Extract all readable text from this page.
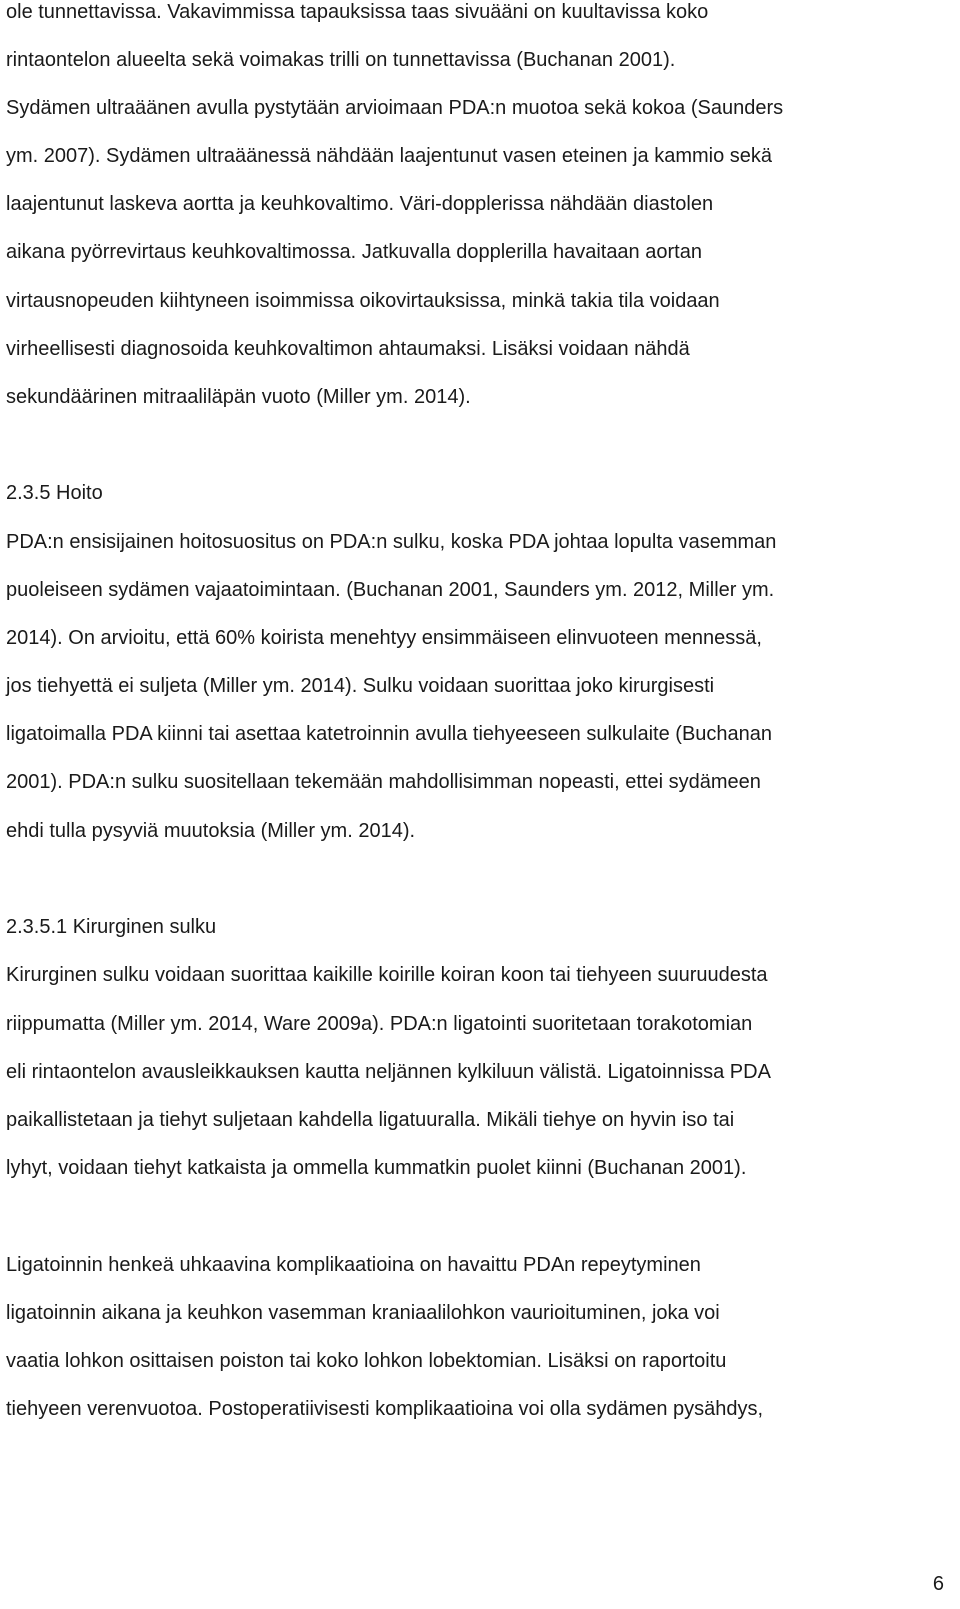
ole tunnettavissa. Vakavimmissa tapauksissa taas sivuääni on kuultavissa koko
rintaontelon alueelta sekä voimakas trilli on tunnettavissa (Buchanan 2001).
Sydämen ultraäänen avulla pystytään arvioimaan PDA:n muotoa sekä kokoa (Saunders
ym. 2007). Sydämen ultraäänessä nähdään laajentunut vasen eteinen ja kammio sekä
laajentunut laskeva aortta ja keuhkovaltimo. Väri-dopplerissa nähdään diastolen
aikana pyörrevirtaus keuhkovaltimossa. Jatkuvalla dopplerilla havaitaan aortan
virtausnopeuden kiihtyneen isoimmissa oikovirtauksissa, minkä takia tila voidaan
virheellisesti diagnosoida keuhkovaltimon ahtaumaksi. Lisäksi voidaan nähdä
sekundäärinen mitraaliläpän vuoto (Miller ym. 2014).
2.3.5 Hoito
PDA:n ensisijainen hoitosuositus on PDA:n sulku, koska PDA johtaa lopulta vasemman
puoleiseen sydämen vajaatoimintaan. (Buchanan 2001, Saunders ym. 2012, Miller ym.
2014). On arvioitu, että 60% koirista menehtyy ensimmäiseen elinvuoteen mennessä,
jos tiehyettä ei suljeta (Miller ym. 2014). Sulku voidaan suorittaa joko kirurgisesti
ligatoimalla PDA kiinni tai asettaa katetroinnin avulla tiehyeeseen sulkulaite (Buchanan
2001). PDA:n sulku suositellaan tekemään mahdollisimman nopeasti, ettei sydämeen
ehdi tulla pysyviä muutoksia (Miller ym. 2014).
2.3.5.1 Kirurginen sulku
Kirurginen sulku voidaan suorittaa kaikille koirille koiran koon tai tiehyeen suuruudesta
riippumatta (Miller ym. 2014, Ware 2009a). PDA:n ligatointi suoritetaan torakotomian
eli rintaontelon avausleikkauksen kautta neljännen kylkiluun välistä. Ligatoinnissa PDA
paikallistetaan ja tiehyt suljetaan kahdella ligatuuralla. Mikäli tiehye on hyvin iso tai
lyhyt, voidaan tiehyt katkaista ja ommella kummatkin puolet kiinni (Buchanan 2001).
Ligatoinnin henkeä uhkaavina komplikaatioina on havaittu PDAn repeytyminen
ligatoinnin aikana ja keuhkon vasemman kraniaalilohkon vaurioituminen, joka voi
vaatia lohkon osittaisen poiston tai koko lohkon lobektomian. Lisäksi on raportoitu
tiehyeen verenvuotoa. Postoperatiivisesti komplikaatioina voi olla sydämen pysähdys,
6
